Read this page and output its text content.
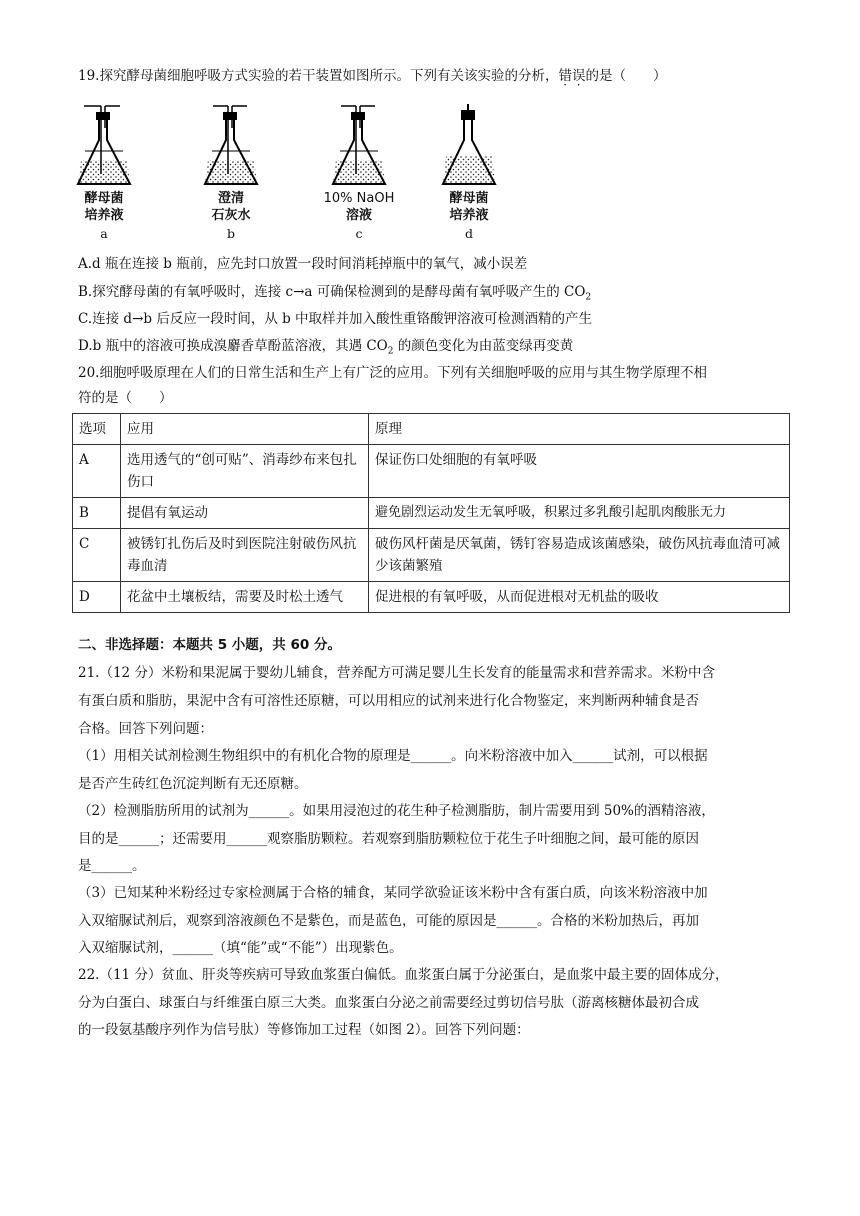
19.探究酵母菌细胞呼吸方式实验的若干装置如图所示。下列有关该实验的分析，错误的是（　　）
酵母菌
培养液
a
澄清
石灰水
b
10% NaOH
溶液
c
酵母菌
培养液
d
A.d 瓶在连接 b 瓶前，应先封口放置一段时间消耗掉瓶中的氧气，减小误差
B.探究酵母菌的有氧呼吸时，连接 c→a 可确保检测到的是酵母菌有氧呼吸产生的 $CO_2$
C.连接 d→b 后反应一段时间，从 b 中取样并加入酸性重铬酸钾溶液可检测酒精的产生
D.b 瓶中的溶液可换成溴麝香草酚蓝溶液，其遇 $CO_2$ 的颜色变化为由蓝变绿再变黄
20.细胞呼吸原理在人们的日常生活和生产上有广泛的应用。下列有关细胞呼吸的应用与其生物学原理不相
符的是（　　）
选项	应用	原理
A	选用透气的“创可贴”、消毒纱布来包扎伤口	保证伤口处细胞的有氧呼吸
B	提倡有氧运动	避免剧烈运动发生无氧呼吸，积累过多乳酸引起肌肉酸胀无力
C	被锈钉扎伤后及时到医院注射破伤风抗毒血清	破伤风杆菌是厌氧菌，锈钉容易造成该菌感染，破伤风抗毒血清可减少该菌繁殖
D	花盆中土壤板结，需要及时松土透气	促进根的有氧呼吸，从而促进根对无机盐的吸收
二、非选择题：本题共 5 小题，共 60 分。
21.（12 分）米粉和果泥属于婴幼儿辅食，营养配方可满足婴儿生长发育的能量需求和营养需求。米粉中含
有蛋白质和脂肪，果泥中含有可溶性还原糖，可以用相应的试剂来进行化合物鉴定，来判断两种辅食是否
合格。回答下列问题：
（1）用相关试剂检测生物组织中的有机化合物的原理是______。向米粉溶液中加入______试剂，可以根据
是否产生砖红色沉淀判断有无还原糖。
（2）检测脂肪所用的试剂为______。如果用浸泡过的花生种子检测脂肪，制片需要用到 50%的酒精溶液，
目的是______；还需要用______观察脂肪颗粒。若观察到脂肪颗粒位于花生子叶细胞之间，最可能的原因
是______。
（3）已知某种米粉经过专家检测属于合格的辅食，某同学欲验证该米粉中含有蛋白质，向该米粉溶液中加
入双缩脲试剂后，观察到溶液颜色不是紫色，而是蓝色，可能的原因是______。合格的米粉加热后，再加
入双缩脲试剂，______（填“能”或“不能”）出现紫色。
22.（11 分）贫血、肝炎等疾病可导致血浆蛋白偏低。血浆蛋白属于分泌蛋白，是血浆中最主要的固体成分，
分为白蛋白、球蛋白与纤维蛋白原三大类。血浆蛋白分泌之前需要经过剪切信号肽（游离核糖体最初合成
的一段氨基酸序列作为信号肽）等修饰加工过程（如图 2）。回答下列问题：
